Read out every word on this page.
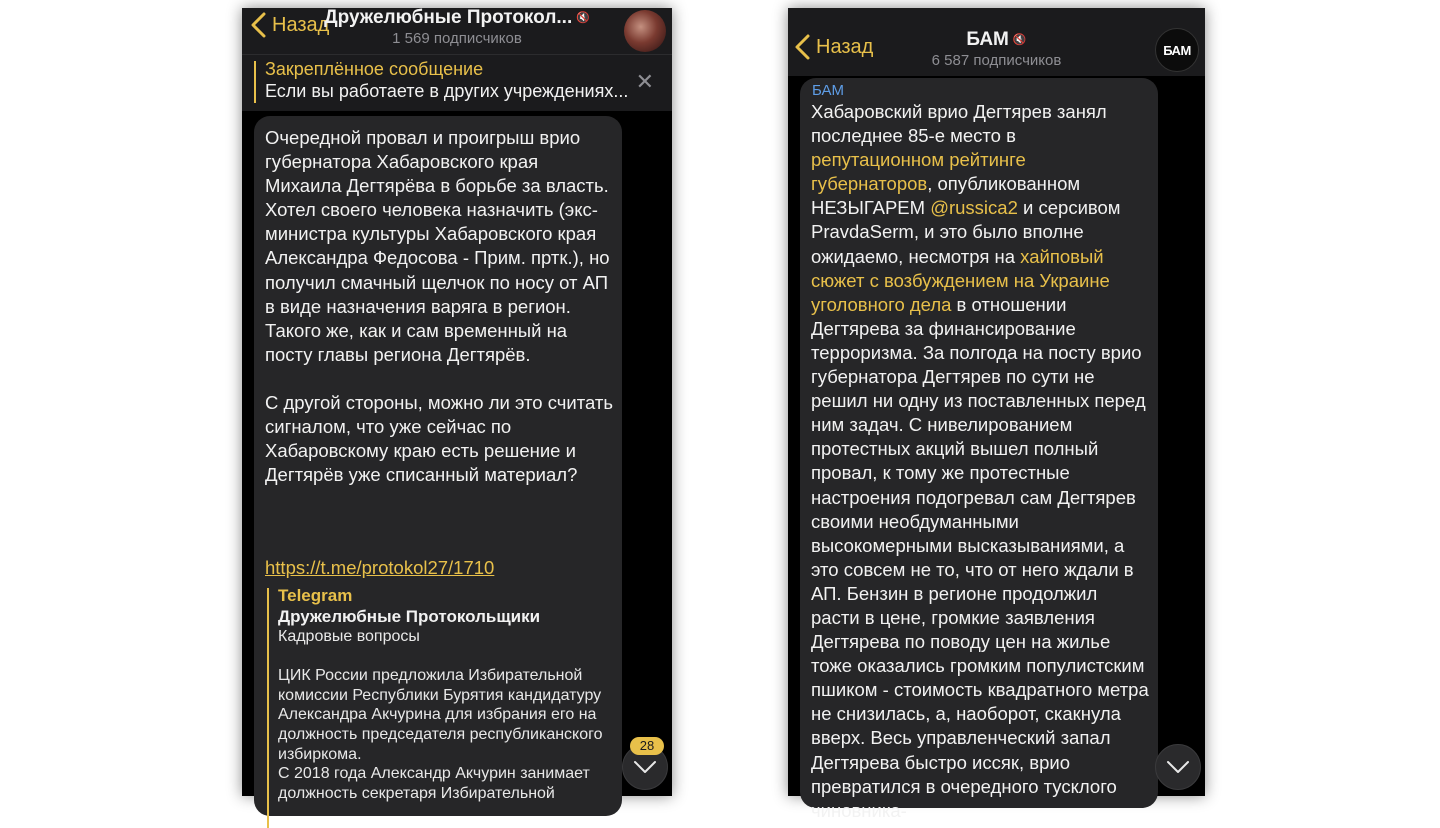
Назад
Дружелюбные Протокол... 🔇
1 569 подписчиков
Закреплённое сообщение
Если вы работаете в других учреждениях... ✕
Очередной провал и проигрыш врио губернатора Хабаровского края Михаила Дегтярёва в борьбе за власть. Хотел своего человека назначить (экс-министра культуры Хабаровского края Александра Федосова - Прим. пртк.), но получил смачный щелчок по носу от АП в виде назначения варяга в регион. Такого же, как и сам временный на посту главы региона Дегтярёв.

С другой стороны, можно ли это считать сигналом, что уже сейчас по Хабаровскому краю есть решение и Дегтярёв уже списанный материал?
https://t.me/protokol27/1710
Telegram
Дружелюбные Протокольщики
Кадровые вопросы

ЦИК России предложила Избирательной комиссии Республики Бурятия кандидатуру Александра Акчурина для избрания его на должность председателя республиканского избиркома.
С 2018 года Александр Акчурин занимает должность секретаря Избирательной
28
Назад	БАМ 🔇
6 587 подписчиков
БАМ
БАМ
Хабаровский врио Дегтярев занял последнее 85-е место в репутационном рейтинге губернаторов, опубликованном НЕЗЫГАРЕМ @russica2 и серсивом PravdaSerm, и это было вполне ожидаемо, несмотря на хайповый сюжет с возбуждением на Украине уголовного дела в отношении Дегтярева за финансирование терроризма. За полгода на посту врио губернатора Дегтярев по сути не решил ни одну из поставленных перед ним задач. С нивелированием протестных акций вышел полный провал, к тому же протестные настроения подогревал сам Дегтярев своими необдуманными высокомерными высказываниями, а это совсем не то, что от него ждали в АП. Бензин в регионе продолжил расти в цене, громкие заявления Дегтярева по поводу цен на жилье тоже оказались громким популистским пшиком - стоимость квадратного метра не снизилась, а, наоборот, скакнула вверх. Весь управленческий запал Дегтярева быстро иссяк, врио превратился в очередного тусклого чиновника-
